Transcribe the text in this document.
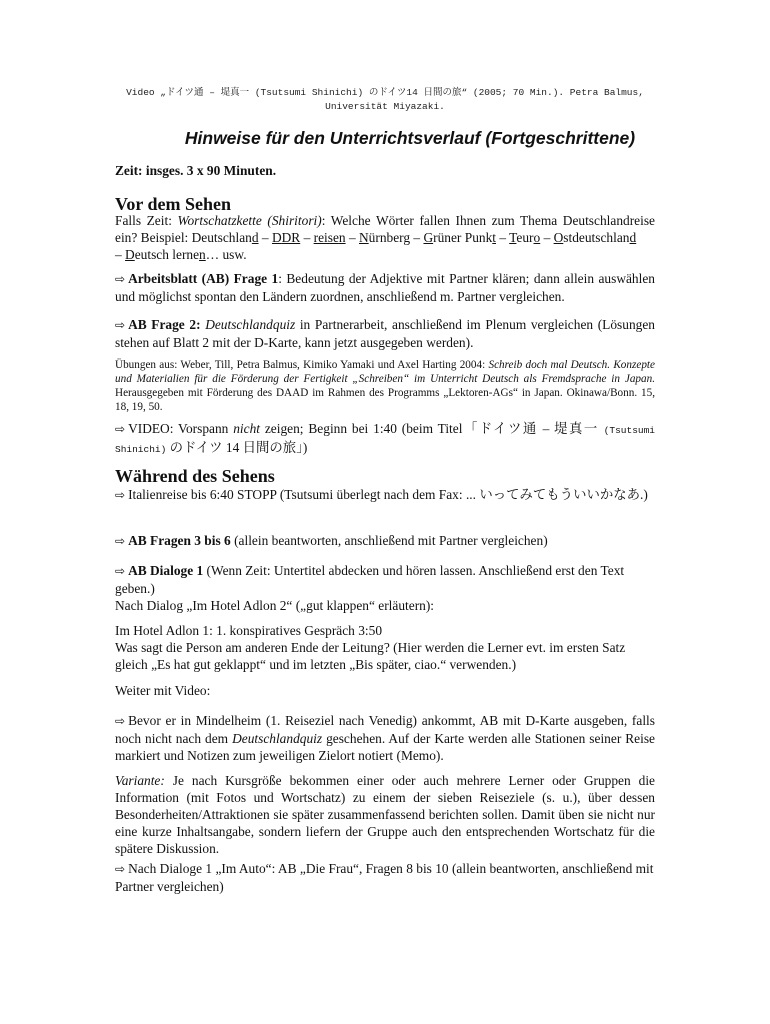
Video „ドイツ通 – 堤真一 (Tsutsumi Shinichi) のドイツ14 日間の旅“ (2005; 70 Min.). Petra Balmus,
Universität Miyazaki.
Hinweise für den Unterrichtsverlauf (Fortgeschrittene)
Zeit: insges. 3 x 90 Minuten.
Vor dem Sehen
Falls Zeit: Wortschatzkette (Shiritori): Welche Wörter fallen Ihnen zum Thema Deutschlandreise ein? Beispiel: Deutschland – DDR – reisen – Nürnberg – Grüner Punkt – Teuro – Ostdeutschland
– Deutsch lernen… usw.
⇨ Arbeitsblatt (AB) Frage 1: Bedeutung der Adjektive mit Partner klären; dann allein auswählen und möglichst spontan den Ländern zuordnen, anschließend m. Partner vergleichen.
⇨ AB Frage 2: Deutschlandquiz in Partnerarbeit, anschließend im Plenum vergleichen (Lösungen stehen auf Blatt 2 mit der D-Karte, kann jetzt ausgegeben werden).
Übungen aus: Weber, Till, Petra Balmus, Kimiko Yamaki und Axel Harting 2004: Schreib doch mal Deutsch. Konzepte und Materialien für die Förderung der Fertigkeit „Schreiben“ im Unterricht Deutsch als Fremdsprache in Japan. Herausgegeben mit Förderung des DAAD im Rahmen des Programms „Lektoren-AGs“ in Japan. Okinawa/Bonn. 15, 18, 19, 50.
⇨ VIDEO: Vorspann nicht zeigen; Beginn bei 1:40 (beim Titel「ドイツ通 – 堤真一 (Tsutsumi Shinichi) のドイツ 14 日間の旅」)
Während des Sehens
⇨ Italienreise bis 6:40 STOPP (Tsutsumi überlegt nach dem Fax: ... いってみてもういいかなあ.)
⇨ AB Fragen 3 bis 6 (allein beantworten, anschließend mit Partner vergleichen)
⇨ AB Dialoge 1 (Wenn Zeit: Untertitel abdecken und hören lassen. Anschließend erst den Text geben.)
Nach Dialog „Im Hotel Adlon 2“ („gut klappen“ erläutern):

Im Hotel Adlon 1: 1. konspiratives Gespräch 3:50

Was sagt die Person am anderen Ende der Leitung? (Hier werden die Lerner evt. im ersten Satz gleich „Es hat gut geklappt“ und im letzten „Bis später, ciao.“ verwenden.)

Weiter mit Video:
⇨ Bevor er in Mindelheim (1. Reiseziel nach Venedig) ankommt, AB mit D-Karte ausgeben, falls noch nicht nach dem Deutschlandquiz geschehen. Auf der Karte werden alle Stationen seiner Reise markiert und Notizen zum jeweiligen Zielort notiert (Memo).
Variante: Je nach Kursgröße bekommen einer oder auch mehrere Lerner oder Gruppen die Information (mit Fotos und Wortschatz) zu einem der sieben Reiseziele (s. u.), über dessen Besonderheiten/Attraktionen sie später zusammenfassend berichten sollen. Damit üben sie nicht nur eine kurze Inhaltsangabe, sondern liefern der Gruppe auch den entsprechenden Wortschatz für die spätere Diskussion.
⇨ Nach Dialoge 1 „Im Auto“: AB „Die Frau“, Fragen 8 bis 10 (allein beantworten, anschließend mit Partner vergleichen)
